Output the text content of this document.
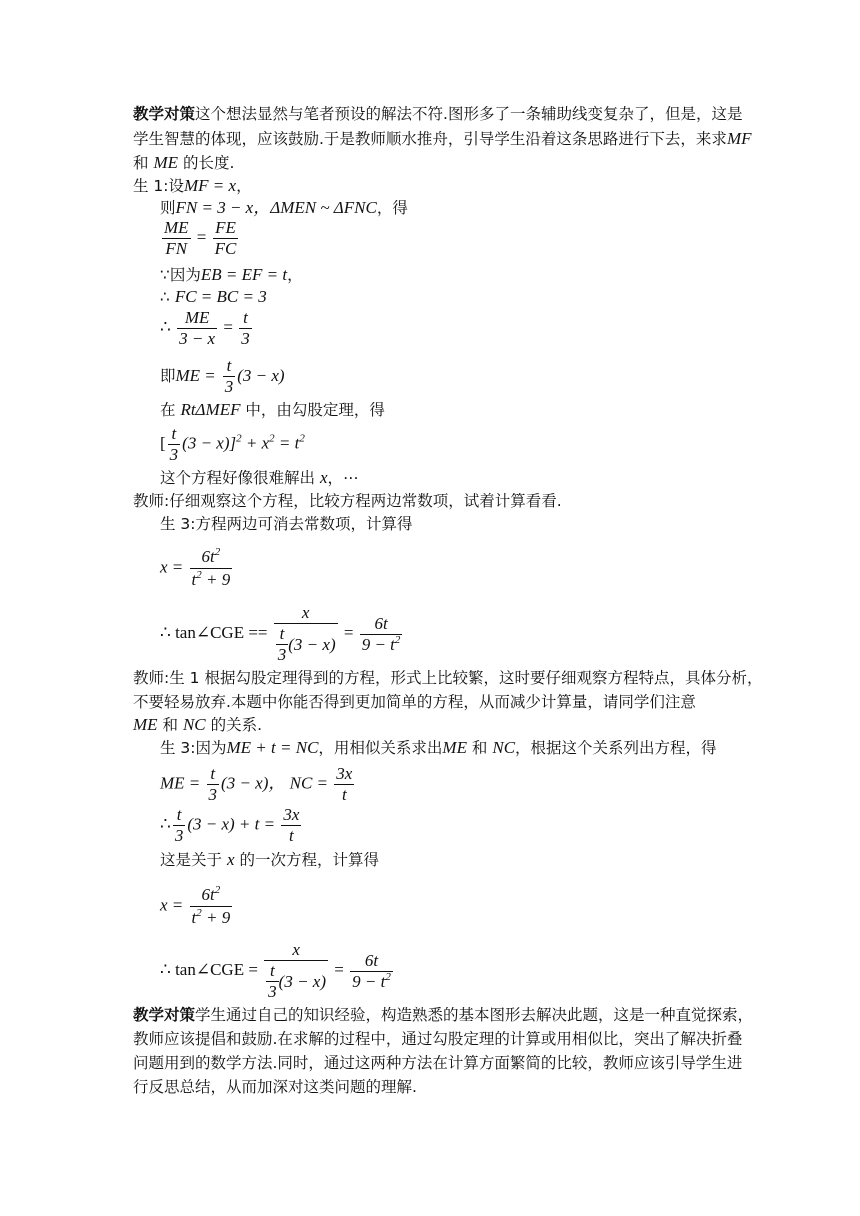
教学对策这个想法显然与笔者预设的解法不符.图形多了一条辅助线变复杂了，但是，这是
学生智慧的体现，应该鼓励.于是教师顺水推舟，引导学生沿着这条思路进行下去，来求MF
和 ME 的长度.
生 1:设MF = x，
则FN = 3 − x，ΔMEN ~ ΔFNC，得
$\frac{ME}{FN} = \frac{FE}{FC}$
∵因为EB = EF = t，
∴ FC = BC = 3
∴ $\frac{ME}{3 - x} = \frac{t}{3}$
即ME = $\frac{t}{3} (3 - x)$
在 RtΔMEF 中，由勾股定理，得
[ $\frac{t}{3} (3 - x)]^2 + x^2 = t^2$
这个方程好像很难解出 x，⋯
教师:仔细观察这个方程，比较方程两边常数项，试着计算看看.
生 3:方程两边可消去常数项，计算得
$x = \frac{6t^2}{t^2 + 9}$
∴ tan∠CGE == $\frac{x}{\frac{t}{3} (3 - x)} = \frac{6t}{9 - t^2}$
教师:生 1 根据勾股定理得到的方程，形式上比较繁，这时要仔细观察方程特点，具体分析，
不要轻易放弃.本题中你能否得到更加简单的方程，从而减少计算量，请同学们注意
ME 和 NC 的关系.
生 3:因为ME + t = NC，用相似关系求出ME 和 NC，根据这个关系列出方程，得
ME = $\frac{t}{3} (3 - x)$， NC = $\frac{3x}{t}$
∴ $\frac{t}{3} (3 - x) + t = \frac{3x}{t}$
这是关于 x 的一次方程，计算得
$x = \frac{6t^2}{t^2 + 9}$
∴ tan∠CGE = $\frac{x}{\frac{t}{3} (3 - x)} = \frac{6t}{9 - t^2}$
教学对策学生通过自己的知识经验，构造熟悉的基本图形去解决此题，这是一种直觉探索，
教师应该提倡和鼓励.在求解的过程中，通过勾股定理的计算或用相似比，突出了解决折叠
问题用到的数学方法.同时，通过这两种方法在计算方面繁简的比较，教师应该引导学生进
行反思总结，从而加深对这类问题的理解.
